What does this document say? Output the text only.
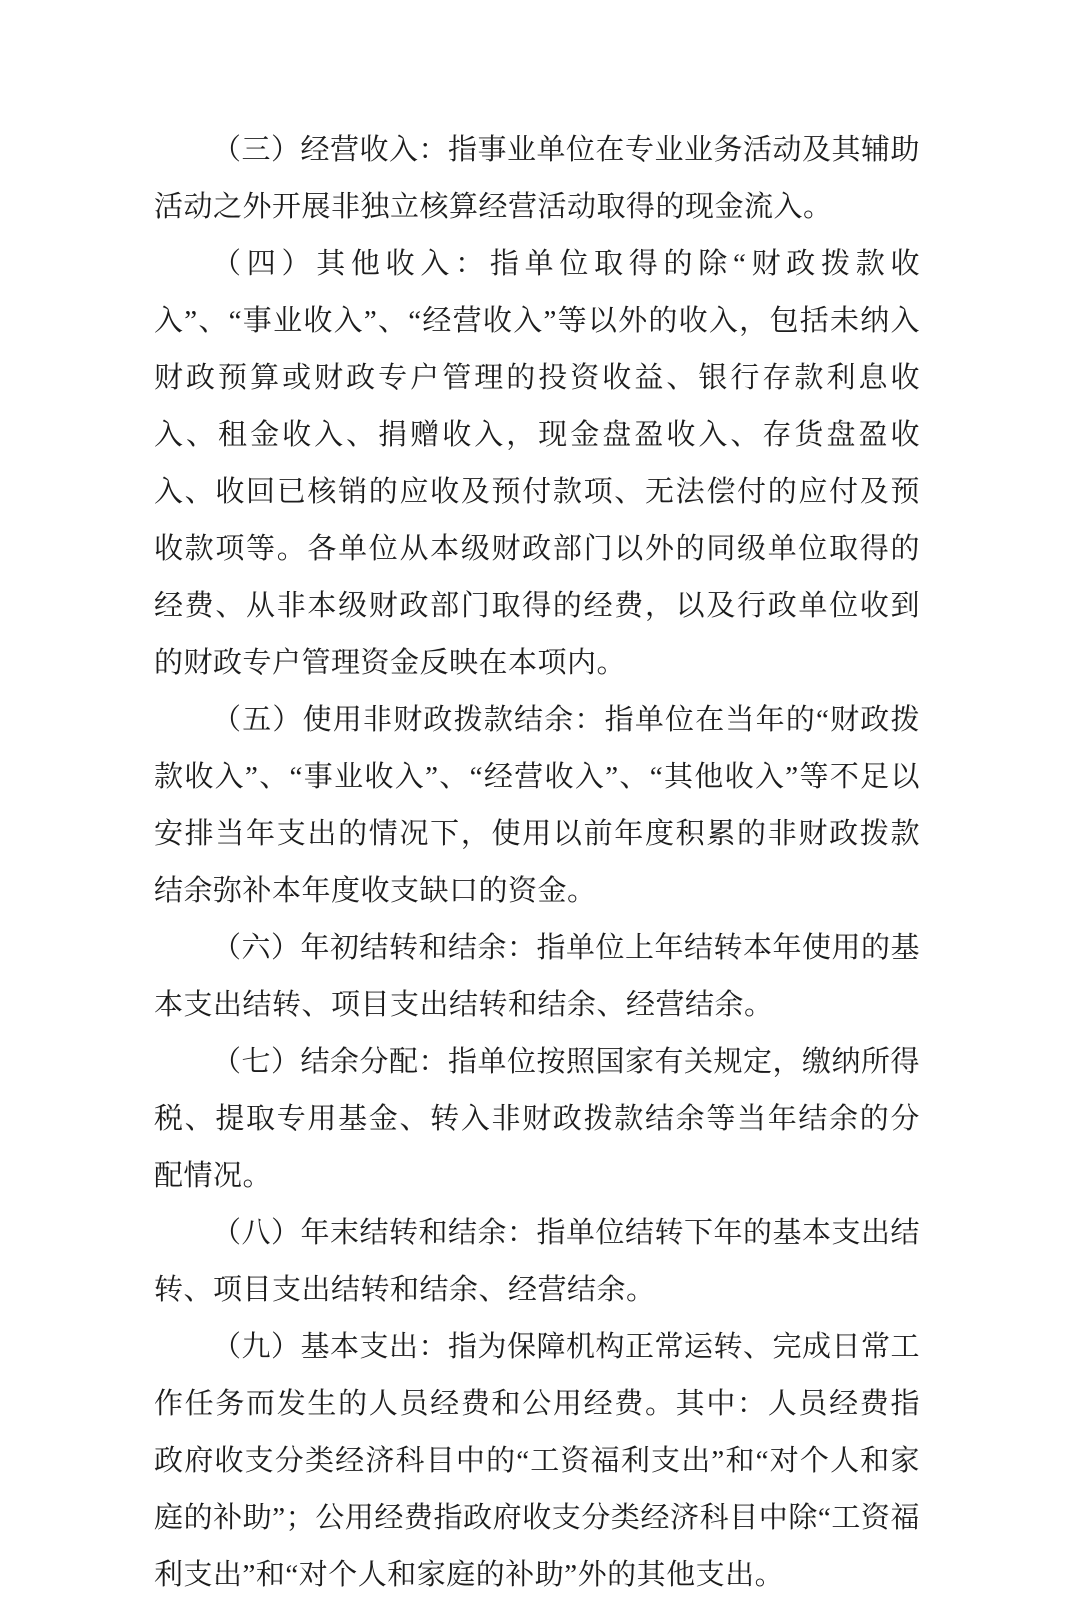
（三）经营收入：指事业单位在专业业务活动及其辅助活动之外开展非独立核算经营活动取得的现金流入。

（四）其他收入：指单位取得的除“财政拨款收入”、“事业收入”、“经营收入”等以外的收入，包括未纳入财政预算或财政专户管理的投资收益、银行存款利息收入、租金收入、捐赠收入，现金盘盈收入、存货盘盈收入、收回已核销的应收及预付款项、无法偿付的应付及预收款项等。各单位从本级财政部门以外的同级单位取得的经费、从非本级财政部门取得的经费，以及行政单位收到的财政专户管理资金反映在本项内。

（五）使用非财政拨款结余：指单位在当年的“财政拨款收入”、“事业收入”、“经营收入”、“其他收入”等不足以安排当年支出的情况下，使用以前年度积累的非财政拨款结余弥补本年度收支缺口的资金。

（六）年初结转和结余：指单位上年结转本年使用的基本支出结转、项目支出结转和结余、经营结余。

（七）结余分配：指单位按照国家有关规定，缴纳所得税、提取专用基金、转入非财政拨款结余等当年结余的分配情况。

（八）年末结转和结余：指单位结转下年的基本支出结转、项目支出结转和结余、经营结余。

（九）基本支出：指为保障机构正常运转、完成日常工作任务而发生的人员经费和公用经费。其中：人员经费指政府收支分类经济科目中的“工资福利支出”和“对个人和家庭的补助”；公用经费指政府收支分类经济科目中除“工资福利支出”和“对个人和家庭的补助”外的其他支出。
